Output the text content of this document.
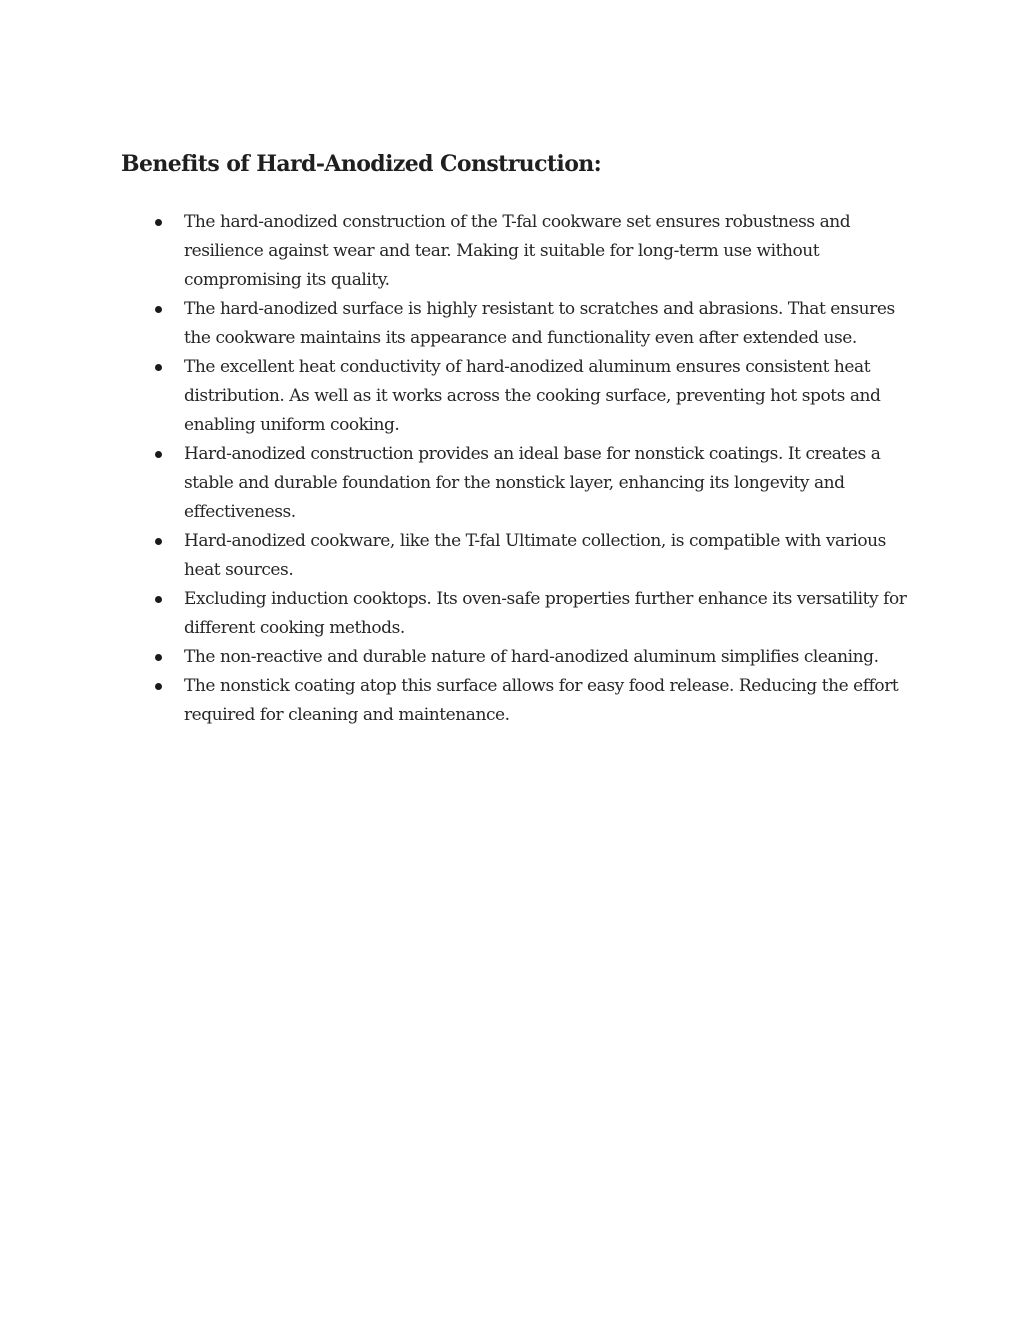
Benefits of Hard-Anodized Construction:
The hard-anodized construction of the T-fal cookware set ensures robustness and resilience against wear and tear. Making it suitable for long-term use without compromising its quality.
The hard-anodized surface is highly resistant to scratches and abrasions. That ensures the cookware maintains its appearance and functionality even after extended use.
The excellent heat conductivity of hard-anodized aluminum ensures consistent heat distribution. As well as it works across the cooking surface, preventing hot spots and enabling uniform cooking.
Hard-anodized construction provides an ideal base for nonstick coatings. It creates a stable and durable foundation for the nonstick layer, enhancing its longevity and effectiveness.
Hard-anodized cookware, like the T-fal Ultimate collection, is compatible with various heat sources.
Excluding induction cooktops. Its oven-safe properties further enhance its versatility for different cooking methods.
The non-reactive and durable nature of hard-anodized aluminum simplifies cleaning.
The nonstick coating atop this surface allows for easy food release. Reducing the effort required for cleaning and maintenance.
